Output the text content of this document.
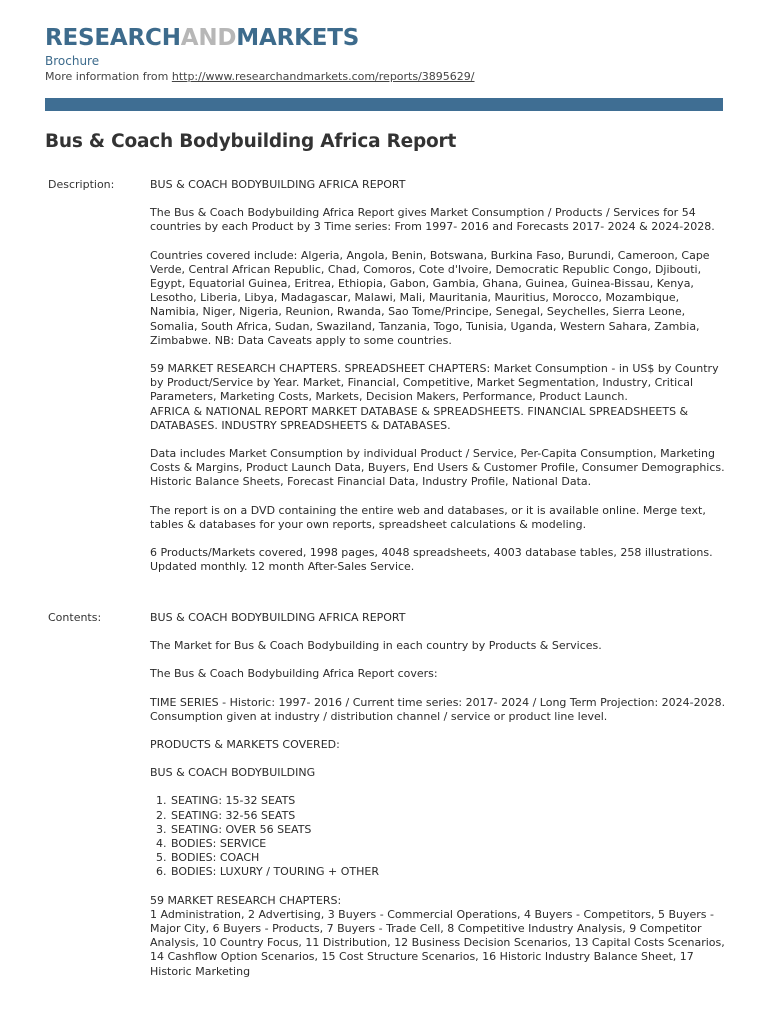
RESEARCHANDMARKETS
Brochure
More information from http://www.researchandmarkets.com/reports/3895629/
Bus & Coach Bodybuilding Africa Report
Description:	BUS & COACH BODYBUILDING AFRICA REPORT

The Bus & Coach Bodybuilding Africa Report gives Market Consumption / Products / Services for 54 countries by each Product by 3 Time series: From 1997- 2016 and Forecasts 2017- 2024 & 2024-2028.

Countries covered include: Algeria, Angola, Benin, Botswana, Burkina Faso, Burundi, Cameroon, Cape Verde, Central African Republic, Chad, Comoros, Cote d'Ivoire, Democratic Republic Congo, Djibouti, Egypt, Equatorial Guinea, Eritrea, Ethiopia, Gabon, Gambia, Ghana, Guinea, Guinea-Bissau, Kenya, Lesotho, Liberia, Libya, Madagascar, Malawi, Mali, Mauritania, Mauritius, Morocco, Mozambique, Namibia, Niger, Nigeria, Reunion, Rwanda, Sao Tome/Principe, Senegal, Seychelles, Sierra Leone, Somalia, South Africa, Sudan, Swaziland, Tanzania, Togo, Tunisia, Uganda, Western Sahara, Zambia, Zimbabwe. NB: Data Caveats apply to some countries.

59 MARKET RESEARCH CHAPTERS. SPREADSHEET CHAPTERS: Market Consumption - in US$ by Country by Product/Service by Year. Market, Financial, Competitive, Market Segmentation, Industry, Critical Parameters, Marketing Costs, Markets, Decision Makers, Performance, Product Launch.
AFRICA & NATIONAL REPORT MARKET DATABASE & SPREADSHEETS. FINANCIAL SPREADSHEETS & DATABASES. INDUSTRY SPREADSHEETS & DATABASES.

Data includes Market Consumption by individual Product / Service, Per-Capita Consumption, Marketing Costs & Margins, Product Launch Data, Buyers, End Users & Customer Profile, Consumer Demographics. Historic Balance Sheets, Forecast Financial Data, Industry Profile, National Data.

The report is on a DVD containing the entire web and databases, or it is available online. Merge text, tables & databases for your own reports, spreadsheet calculations & modeling.

6 Products/Markets covered, 1998 pages, 4048 spreadsheets, 4003 database tables, 258 illustrations. Updated monthly. 12 month After-Sales Service.

Contents:	BUS & COACH BODYBUILDING AFRICA REPORT

The Market for Bus & Coach Bodybuilding in each country by Products & Services.

The Bus & Coach Bodybuilding Africa Report covers:

TIME SERIES - Historic: 1997- 2016 / Current time series: 2017- 2024 / Long Term Projection: 2024-2028. Consumption given at industry / distribution channel / service or product line level.

PRODUCTS & MARKETS COVERED:

BUS & COACH BODYBUILDING

1. SEATING: 15-32 SEATS
2. SEATING: 32-56 SEATS
3. SEATING: OVER 56 SEATS
4. BODIES: SERVICE
5. BODIES: COACH
6. BODIES: LUXURY / TOURING + OTHER

59 MARKET RESEARCH CHAPTERS:
1 Administration, 2 Advertising, 3 Buyers - Commercial Operations, 4 Buyers - Competitors, 5 Buyers - Major City, 6 Buyers - Products, 7 Buyers - Trade Cell, 8 Competitive Industry Analysis, 9 Competitor Analysis, 10 Country Focus, 11 Distribution, 12 Business Decision Scenarios, 13 Capital Costs Scenarios, 14 Cashflow Option Scenarios, 15 Cost Structure Scenarios, 16 Historic Industry Balance Sheet, 17 Historic Marketing
